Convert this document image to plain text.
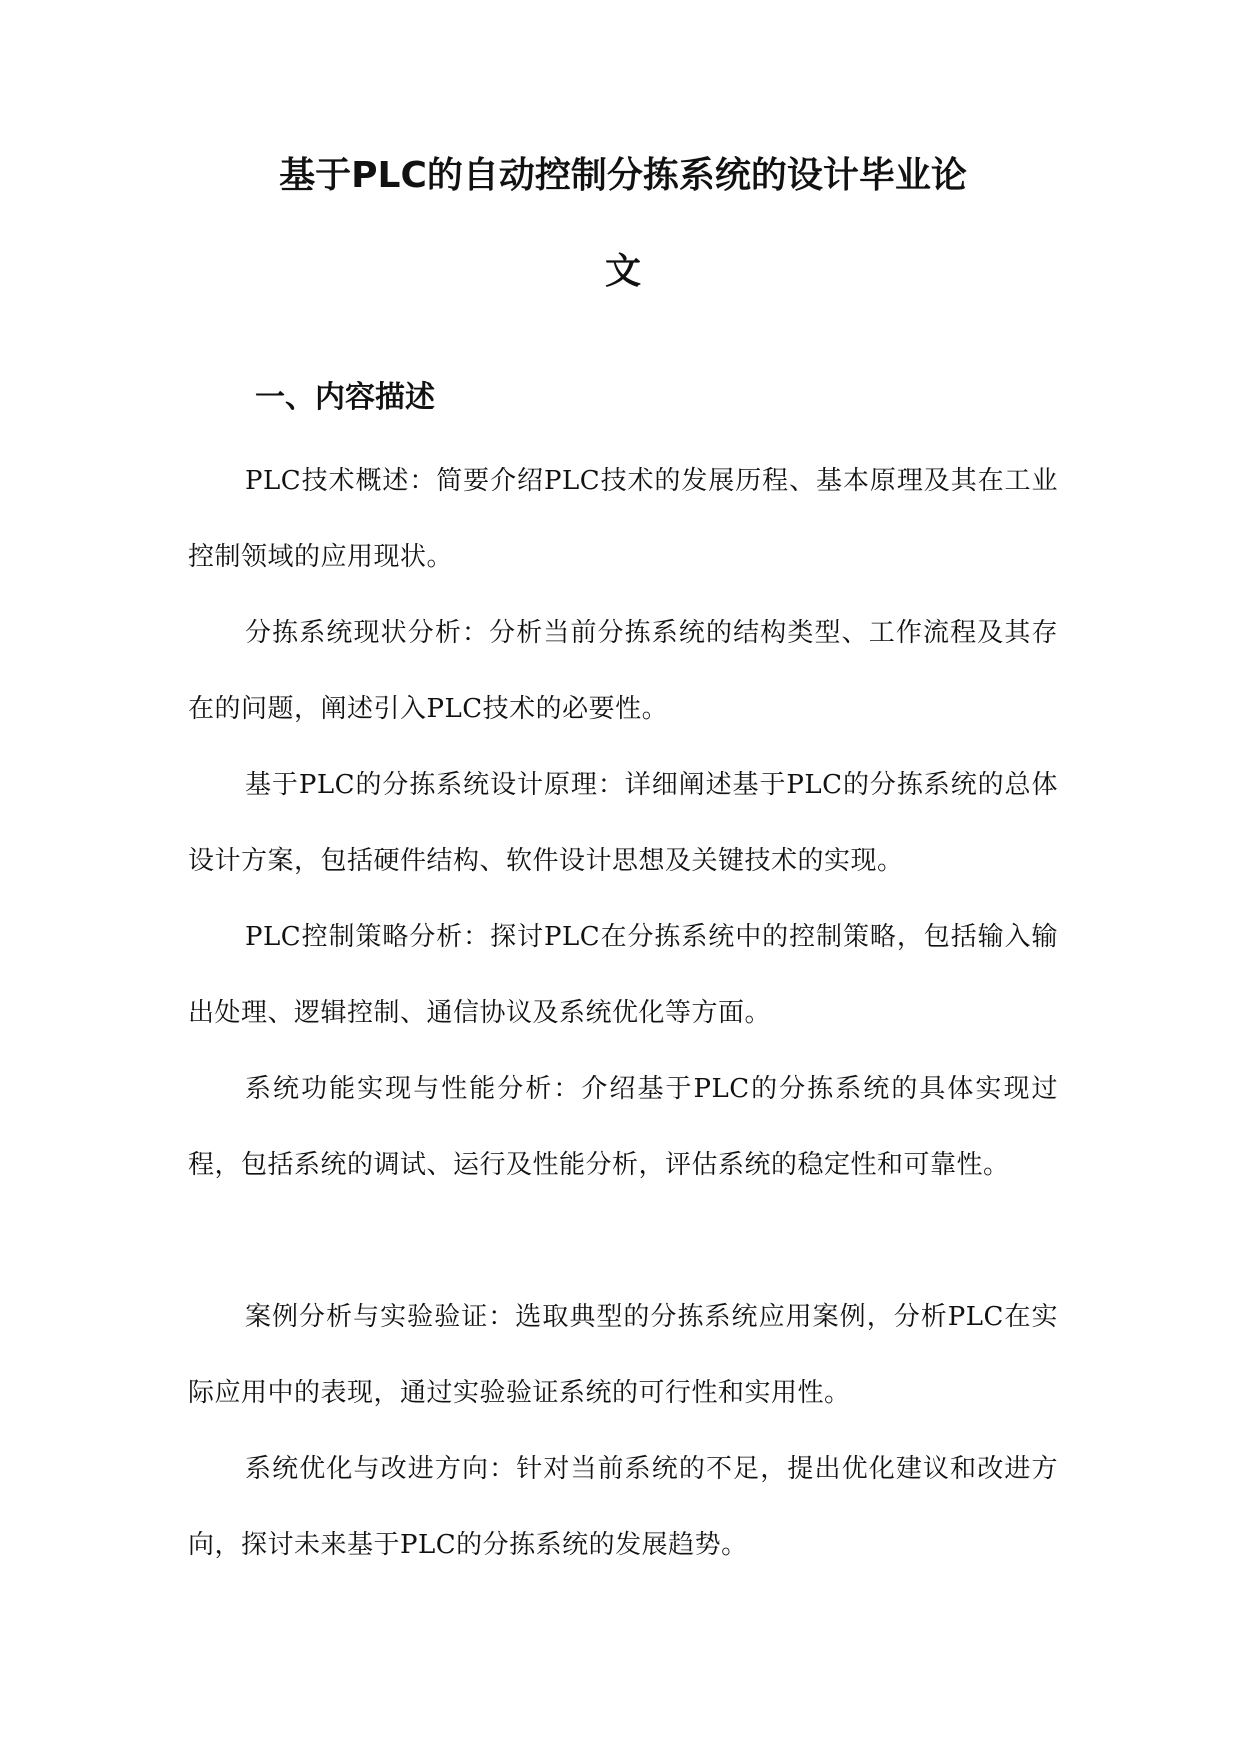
基于PLC的自动控制分拣系统的设计毕业论
文
一、内容描述

PLC技术概述：简要介绍PLC技术的发展历程、基本原理及其在工业控制领域的应用现状。

分拣系统现状分析：分析当前分拣系统的结构类型、工作流程及其存在的问题，阐述引入PLC技术的必要性。

基于PLC的分拣系统设计原理：详细阐述基于PLC的分拣系统的总体设计方案，包括硬件结构、软件设计思想及关键技术的实现。

PLC控制策略分析：探讨PLC在分拣系统中的控制策略，包括输入输出处理、逻辑控制、通信协议及系统优化等方面。

系统功能实现与性能分析：介绍基于PLC的分拣系统的具体实现过程，包括系统的调试、运行及性能分析，评估系统的稳定性和可靠性。

案例分析与实验验证：选取典型的分拣系统应用案例，分析PLC在实际应用中的表现，通过实验验证系统的可行性和实用性。

系统优化与改进方向：针对当前系统的不足，提出优化建议和改进方向，探讨未来基于PLC的分拣系统的发展趋势。
